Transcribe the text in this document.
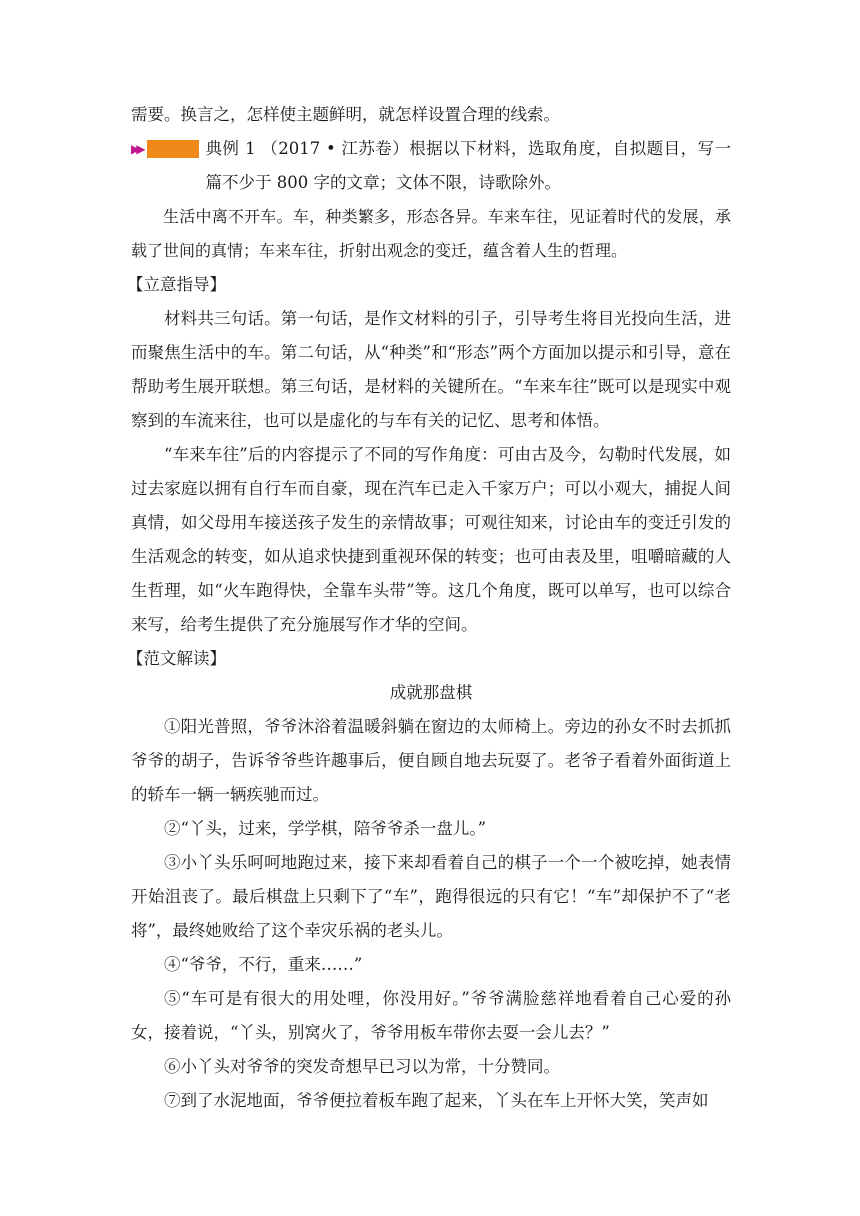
需要。换言之，怎样使主题鲜明，就怎样设置合理的线索。

▶▶	典例 1 （2017 • 江苏卷）根据以下材料，选取角度，自拟题目，写一篇不少于 800 字的文章；文体不限，诗歌除外。

生活中离不开车。车，种类繁多，形态各异。车来车往，见证着时代的发展，承载了世间的真情；车来车往，折射出观念的变迁，蕴含着人生的哲理。

【立意指导】

材料共三句话。第一句话，是作文材料的引子，引导考生将目光投向生活，进而聚焦生活中的车。第二句话，从“种类”和“形态”两个方面加以提示和引导，意在帮助考生展开联想。第三句话，是材料的关键所在。“车来车往”既可以是现实中观察到的车流来往，也可以是虚化的与车有关的记忆、思考和体悟。

“车来车往”后的内容提示了不同的写作角度：可由古及今，勾勒时代发展，如过去家庭以拥有自行车而自豪，现在汽车已走入千家万户；可以小观大，捕捉人间真情，如父母用车接送孩子发生的亲情故事；可观往知来，讨论由车的变迁引发的生活观念的转变，如从追求快捷到重视环保的转变；也可由表及里，咀嚼暗藏的人生哲理，如“火车跑得快，全靠车头带”等。这几个角度，既可以单写，也可以综合来写，给考生提供了充分施展写作才华的空间。

【范文解读】

成就那盘棋

①阳光普照，爷爷沐浴着温暖斜躺在窗边的太师椅上。旁边的孙女不时去抓抓爷爷的胡子，告诉爷爷些许趣事后，便自顾自地去玩耍了。老爷子看着外面街道上的轿车一辆一辆疾驰而过。

②“丫头，过来，学学棋，陪爷爷杀一盘儿。”

③小丫头乐呵呵地跑过来，接下来却看着自己的棋子一个一个被吃掉，她表情开始沮丧了。最后棋盘上只剩下了“车”，跑得很远的只有它！“车”却保护不了“老将”，最终她败给了这个幸灾乐祸的老头儿。

④“爷爷，不行，重来……”

⑤“车可是有很大的用处哩，你没用好。”爷爷满脸慈祥地看着自己心爱的孙女，接着说，“丫头，别窝火了，爷爷用板车带你去耍一会儿去？”

⑥小丫头对爷爷的突发奇想早已习以为常，十分赞同。

⑦到了水泥地面，爷爷便拉着板车跑了起来，丫头在车上开怀大笑，笑声如
